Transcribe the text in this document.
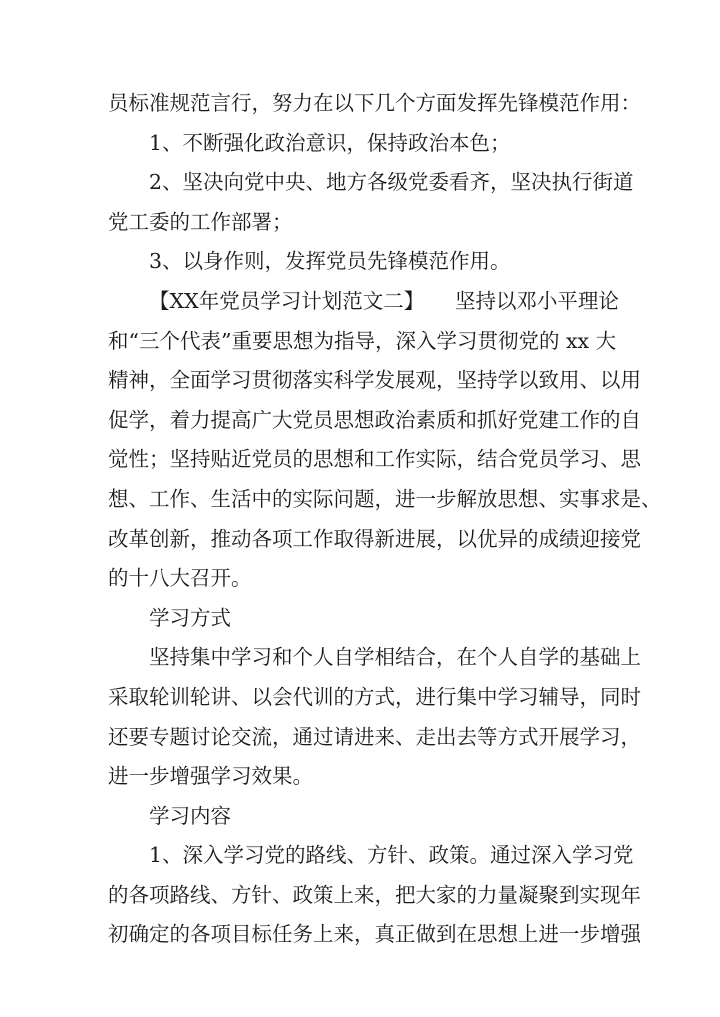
员标准规范言行，努力在以下几个方面发挥先锋模范作用：
1、不断强化政治意识，保持政治本色；
2、坚决向党中央、地方各级党委看齐，坚决执行街道
党工委的工作部署；
3、以身作则，发挥党员先锋模范作用。
【XX年党员学习计划范文二】　　坚持以邓小平理论
和“三个代表”重要思想为指导，深入学习贯彻党的 xx 大
精神，全面学习贯彻落实科学发展观，坚持学以致用、以用
促学，着力提高广大党员思想政治素质和抓好党建工作的自
觉性；坚持贴近党员的思想和工作实际，结合党员学习、思
想、工作、生活中的实际问题，进一步解放思想、实事求是、
改革创新，推动各项工作取得新进展，以优异的成绩迎接党
的十八大召开。
学习方式
坚持集中学习和个人自学相结合，在个人自学的基础上
采取轮训轮讲、以会代训的方式，进行集中学习辅导，同时
还要专题讨论交流，通过请进来、走出去等方式开展学习，
进一步增强学习效果。
学习内容
1、深入学习党的路线、方针、政策。通过深入学习党
的各项路线、方针、政策上来，把大家的力量凝聚到实现年
初确定的各项目标任务上来，真正做到在思想上进一步增强
